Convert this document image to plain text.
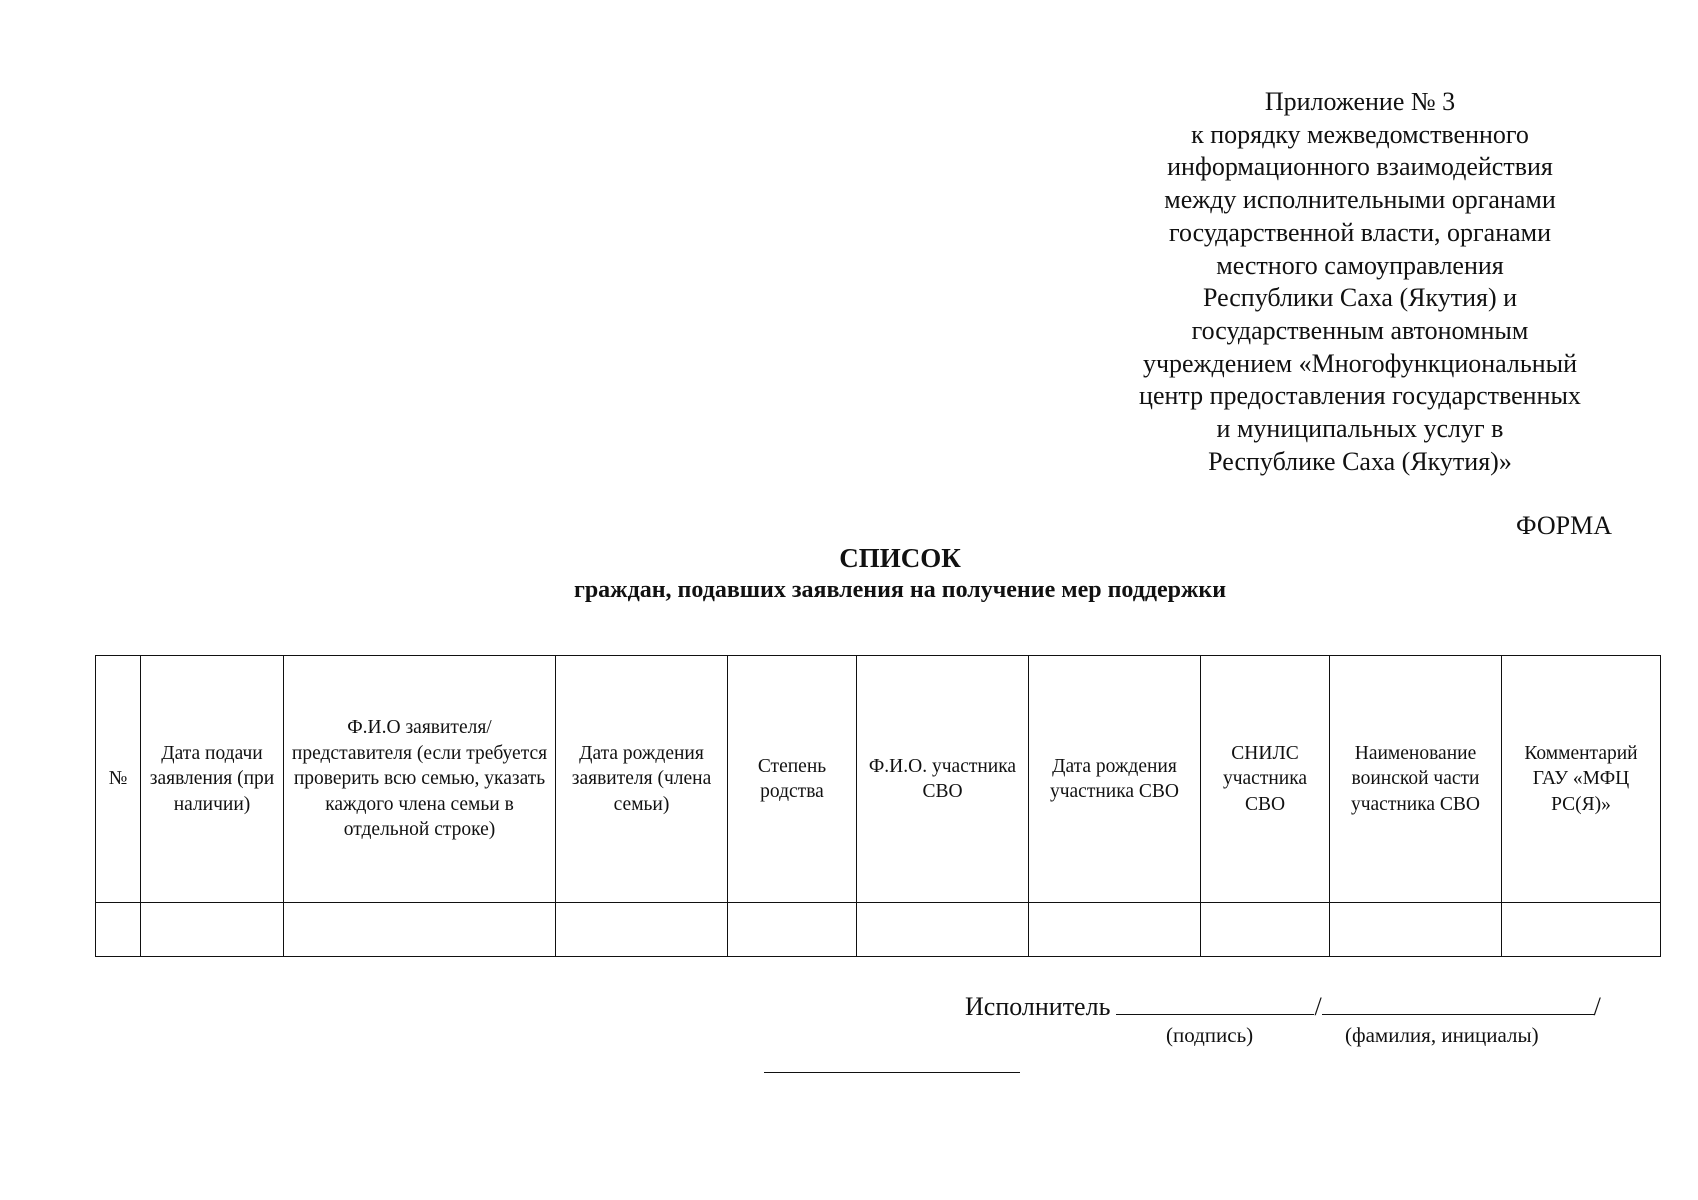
Приложение № 3
к порядку межведомственного
информационного взаимодействия
между исполнительными органами
государственной власти, органами
местного самоуправления
Республики Саха (Якутия) и
государственным автономным
учреждением «Многофункциональный
центр предоставления государственных
и муниципальных услуг в
Республике Саха (Якутия)»
ФОРМА
СПИСОК
граждан, подавших заявления на получение мер поддержки
№	Дата подачи заявления (при наличии)	Ф.И.О заявителя/представителя (если требуется проверить всю семью, указать каждого члена семьи в отдельной строке)	Дата рождения заявителя (члена семьи)	Степень родства	Ф.И.О. участника СВО	Дата рождения участника СВО	СНИЛС участника СВО	Наименование воинской части участника СВО	Комментарий ГАУ «МФЦ РС(Я)»

Исполнитель	/	/
(подпись)	(фамилия, инициалы)
